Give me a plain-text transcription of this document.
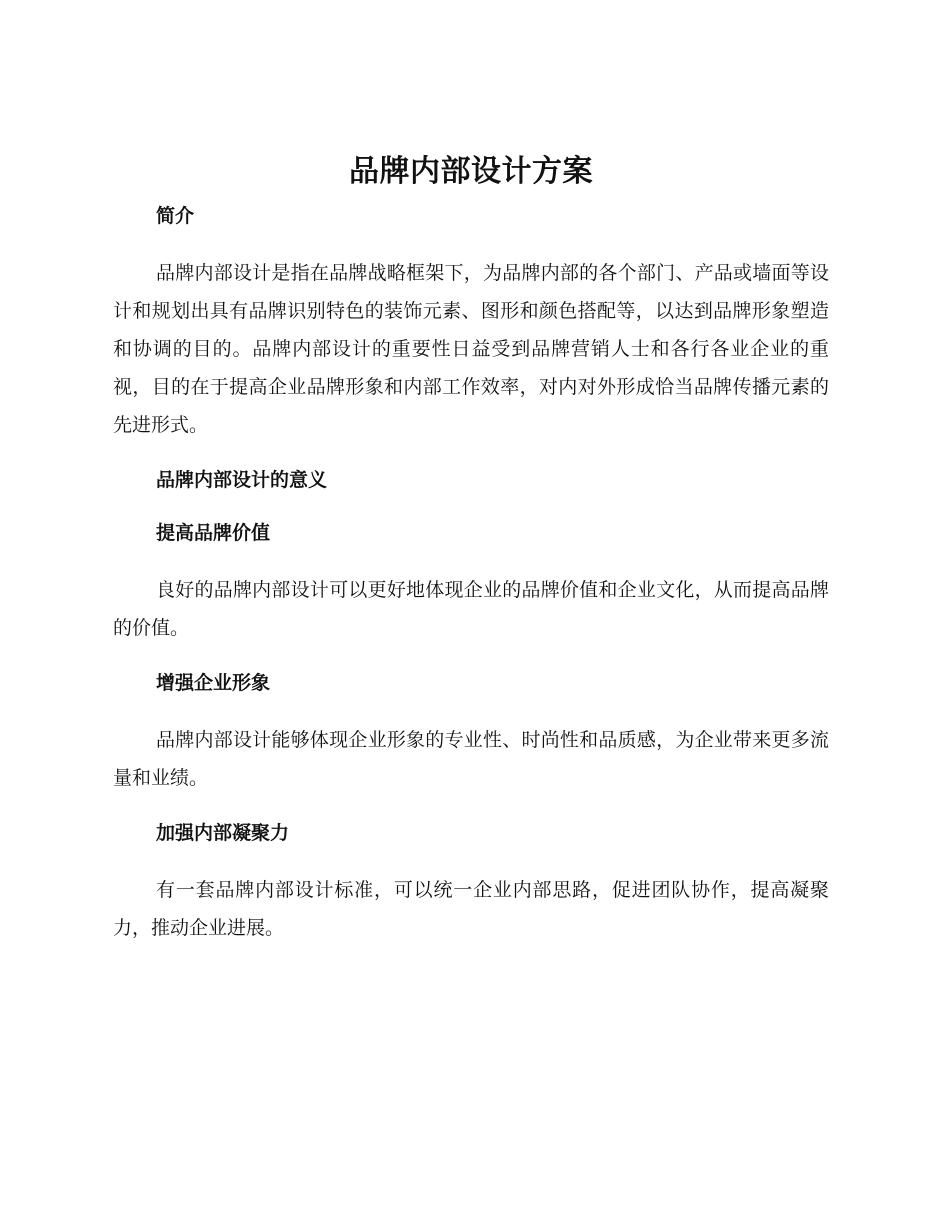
品牌内部设计方案
简介

品牌内部设计是指在品牌战略框架下，为品牌内部的各个部门、产品或墙面等设计和规划出具有品牌识别特色的装饰元素、图形和颜色搭配等，以达到品牌形象塑造和协调的目的。品牌内部设计的重要性日益受到品牌营销人士和各行各业企业的重视，目的在于提高企业品牌形象和内部工作效率，对内对外形成恰当品牌传播元素的先进形式。

品牌内部设计的意义
提高品牌价值

良好的品牌内部设计可以更好地体现企业的品牌价值和企业文化，从而提高品牌的价值。

增强企业形象

品牌内部设计能够体现企业形象的专业性、时尚性和品质感，为企业带来更多流量和业绩。

加强内部凝聚力

有一套品牌内部设计标准，可以统一企业内部思路，促进团队协作，提高凝聚力，推动企业进展。
